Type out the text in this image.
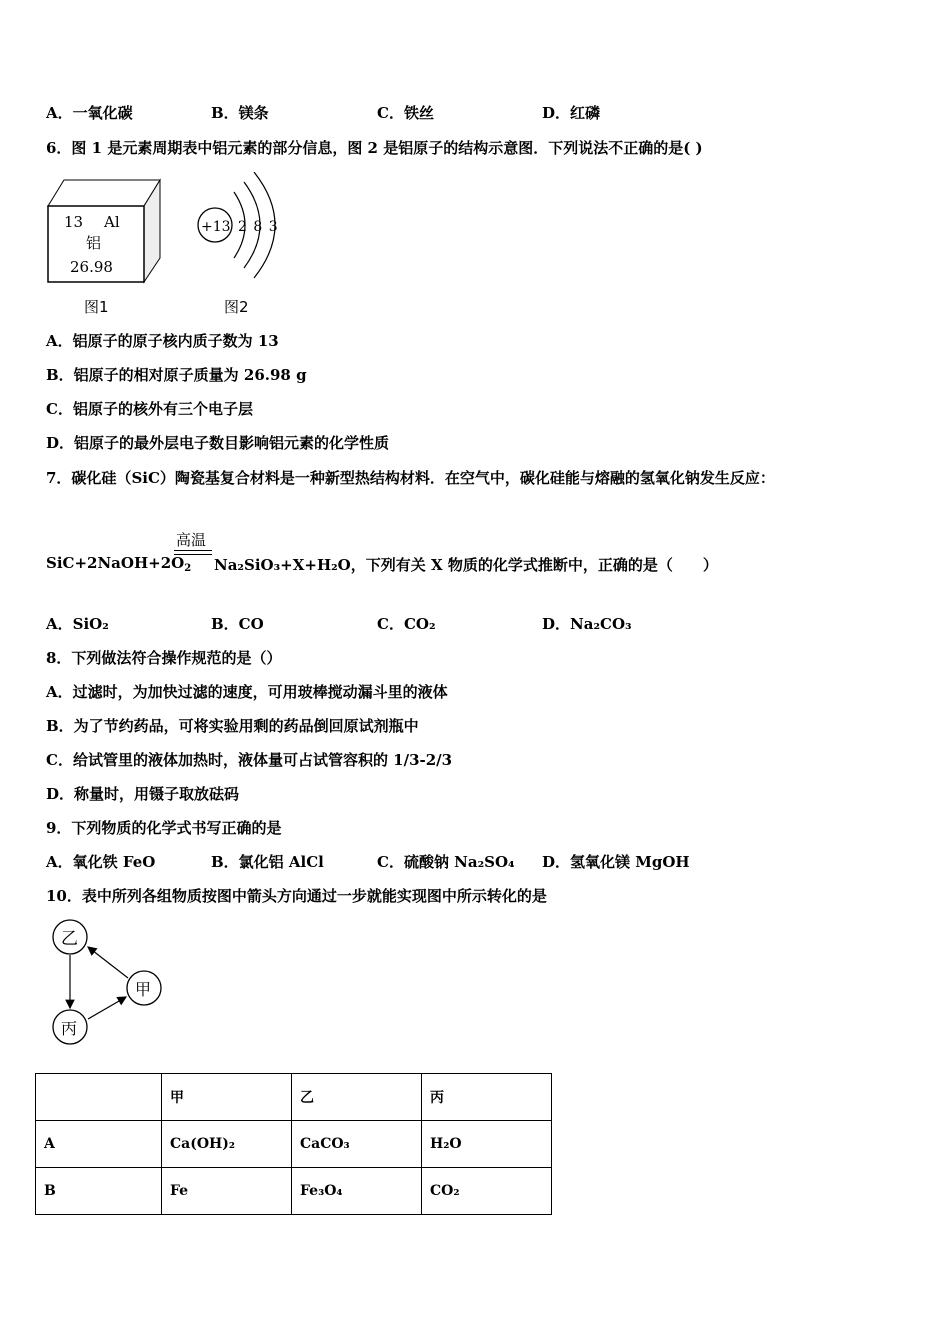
A．一氧化碳	B．镁条	C．铁丝	D．红磷
6．图 1 是元素周期表中铝元素的部分信息，图 2 是铝原子的结构示意图．下列说法不正确的是( )
13 Al
铝
26.98
图1
+13 2 8 3
图2
A．铝原子的原子核内质子数为 13
B．铝原子的相对原子质量为 26.98 g
C．铝原子的核外有三个电子层
D．铝原子的最外层电子数目影响铝元素的化学性质
7．碳化硅（SiC）陶瓷基复合材料是一种新型热结构材料．在空气中，碳化硅能与熔融的氢氧化钠发生反应：
高温
$SiC+2NaOH+2O_2$ Na₂SiO₃+X+H₂O，下列有关 X 物质的化学式推断中，正确的是（　　）
A．SiO₂	B．CO	C．CO₂	D．Na₂CO₃
8．下列做法符合操作规范的是（）
A．过滤时，为加快过滤的速度，可用玻棒搅动漏斗里的液体
B．为了节约药品，可将实验用剩的药品倒回原试剂瓶中
C．给试管里的液体加热时，液体量可占试管容积的 1/3-2/3
D．称量时，用镊子取放砝码
9．下列物质的化学式书写正确的是
A．氧化铁 FeO	B．氯化铝 AlCl	C．硫酸钠 Na₂SO₄ D．氢氧化镁 MgOH
10．表中所列各组物质按图中箭头方向通过一步就能实现图中所示转化的是
乙
甲
丙
	甲	乙	丙
A	Ca(OH)₂	CaCO₃	H₂O
B	Fe	Fe₃O₄	CO₂
